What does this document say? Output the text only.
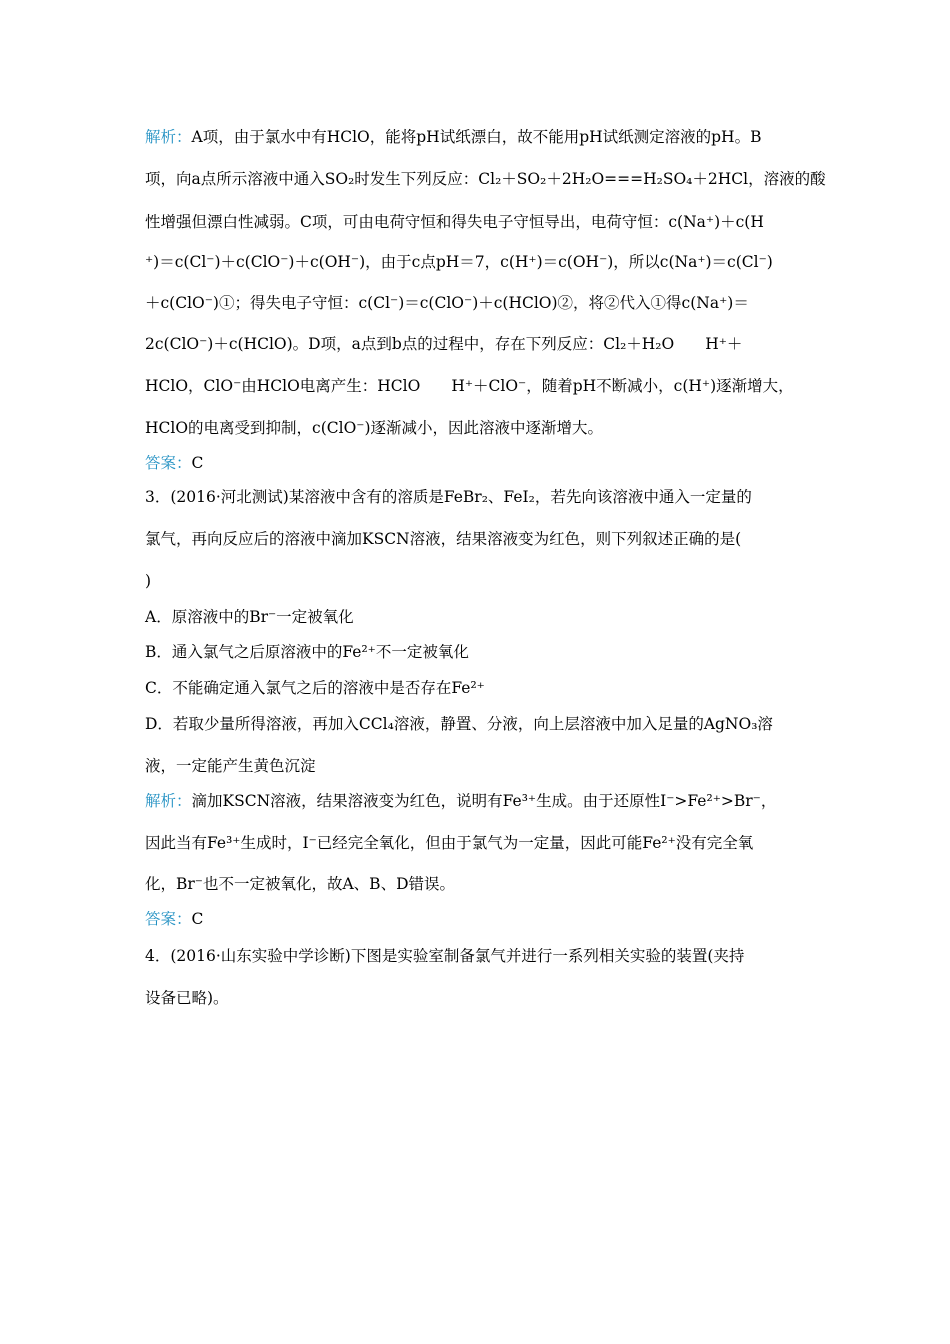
解析：A项，由于氯水中有HClO，能将pH试纸漂白，故不能用pH试纸测定溶液的pH。B
项，向a点所示溶液中通入SO₂时发生下列反应：Cl₂＋SO₂＋2H₂O===H₂SO₄＋2HCl，溶液的酸
性增强但漂白性减弱。C项，可由电荷守恒和得失电子守恒导出，电荷守恒：c(Na⁺)＋c(H
⁺)＝c(Cl⁻)＋c(ClO⁻)＋c(OH⁻)，由于c点pH＝7，c(H⁺)＝c(OH⁻)，所以c(Na⁺)＝c(Cl⁻)
＋c(ClO⁻)①；得失电子守恒：c(Cl⁻)＝c(ClO⁻)＋c(HClO)②，将②代入①得c(Na⁺)＝
2c(ClO⁻)＋c(HClO)。D项，a点到b点的过程中，存在下列反应：Cl₂＋H₂O　　H⁺＋
HClO，ClO⁻由HClO电离产生：HClO　　H⁺＋ClO⁻，随着pH不断减小，c(H⁺)逐渐增大，
HClO的电离受到抑制，c(ClO⁻)逐渐减小，因此溶液中逐渐增大。
答案：C
3．(2016·河北测试)某溶液中含有的溶质是FeBr₂、FeI₂，若先向该溶液中通入一定量的
氯气，再向反应后的溶液中滴加KSCN溶液，结果溶液变为红色，则下列叙述正确的是(
)
A．原溶液中的Br⁻一定被氧化
B．通入氯气之后原溶液中的Fe²⁺不一定被氧化
C．不能确定通入氯气之后的溶液中是否存在Fe²⁺
D．若取少量所得溶液，再加入CCl₄溶液，静置、分液，向上层溶液中加入足量的AgNO₃溶
液，一定能产生黄色沉淀
解析：滴加KSCN溶液，结果溶液变为红色，说明有Fe³⁺生成。由于还原性I⁻>Fe²⁺>Br⁻，
因此当有Fe³⁺生成时，I⁻已经完全氧化，但由于氯气为一定量，因此可能Fe²⁺没有完全氧
化，Br⁻也不一定被氧化，故A、B、D错误。
答案：C
4．(2016·山东实验中学诊断)下图是实验室制备氯气并进行一系列相关实验的装置(夹持
设备已略)。
